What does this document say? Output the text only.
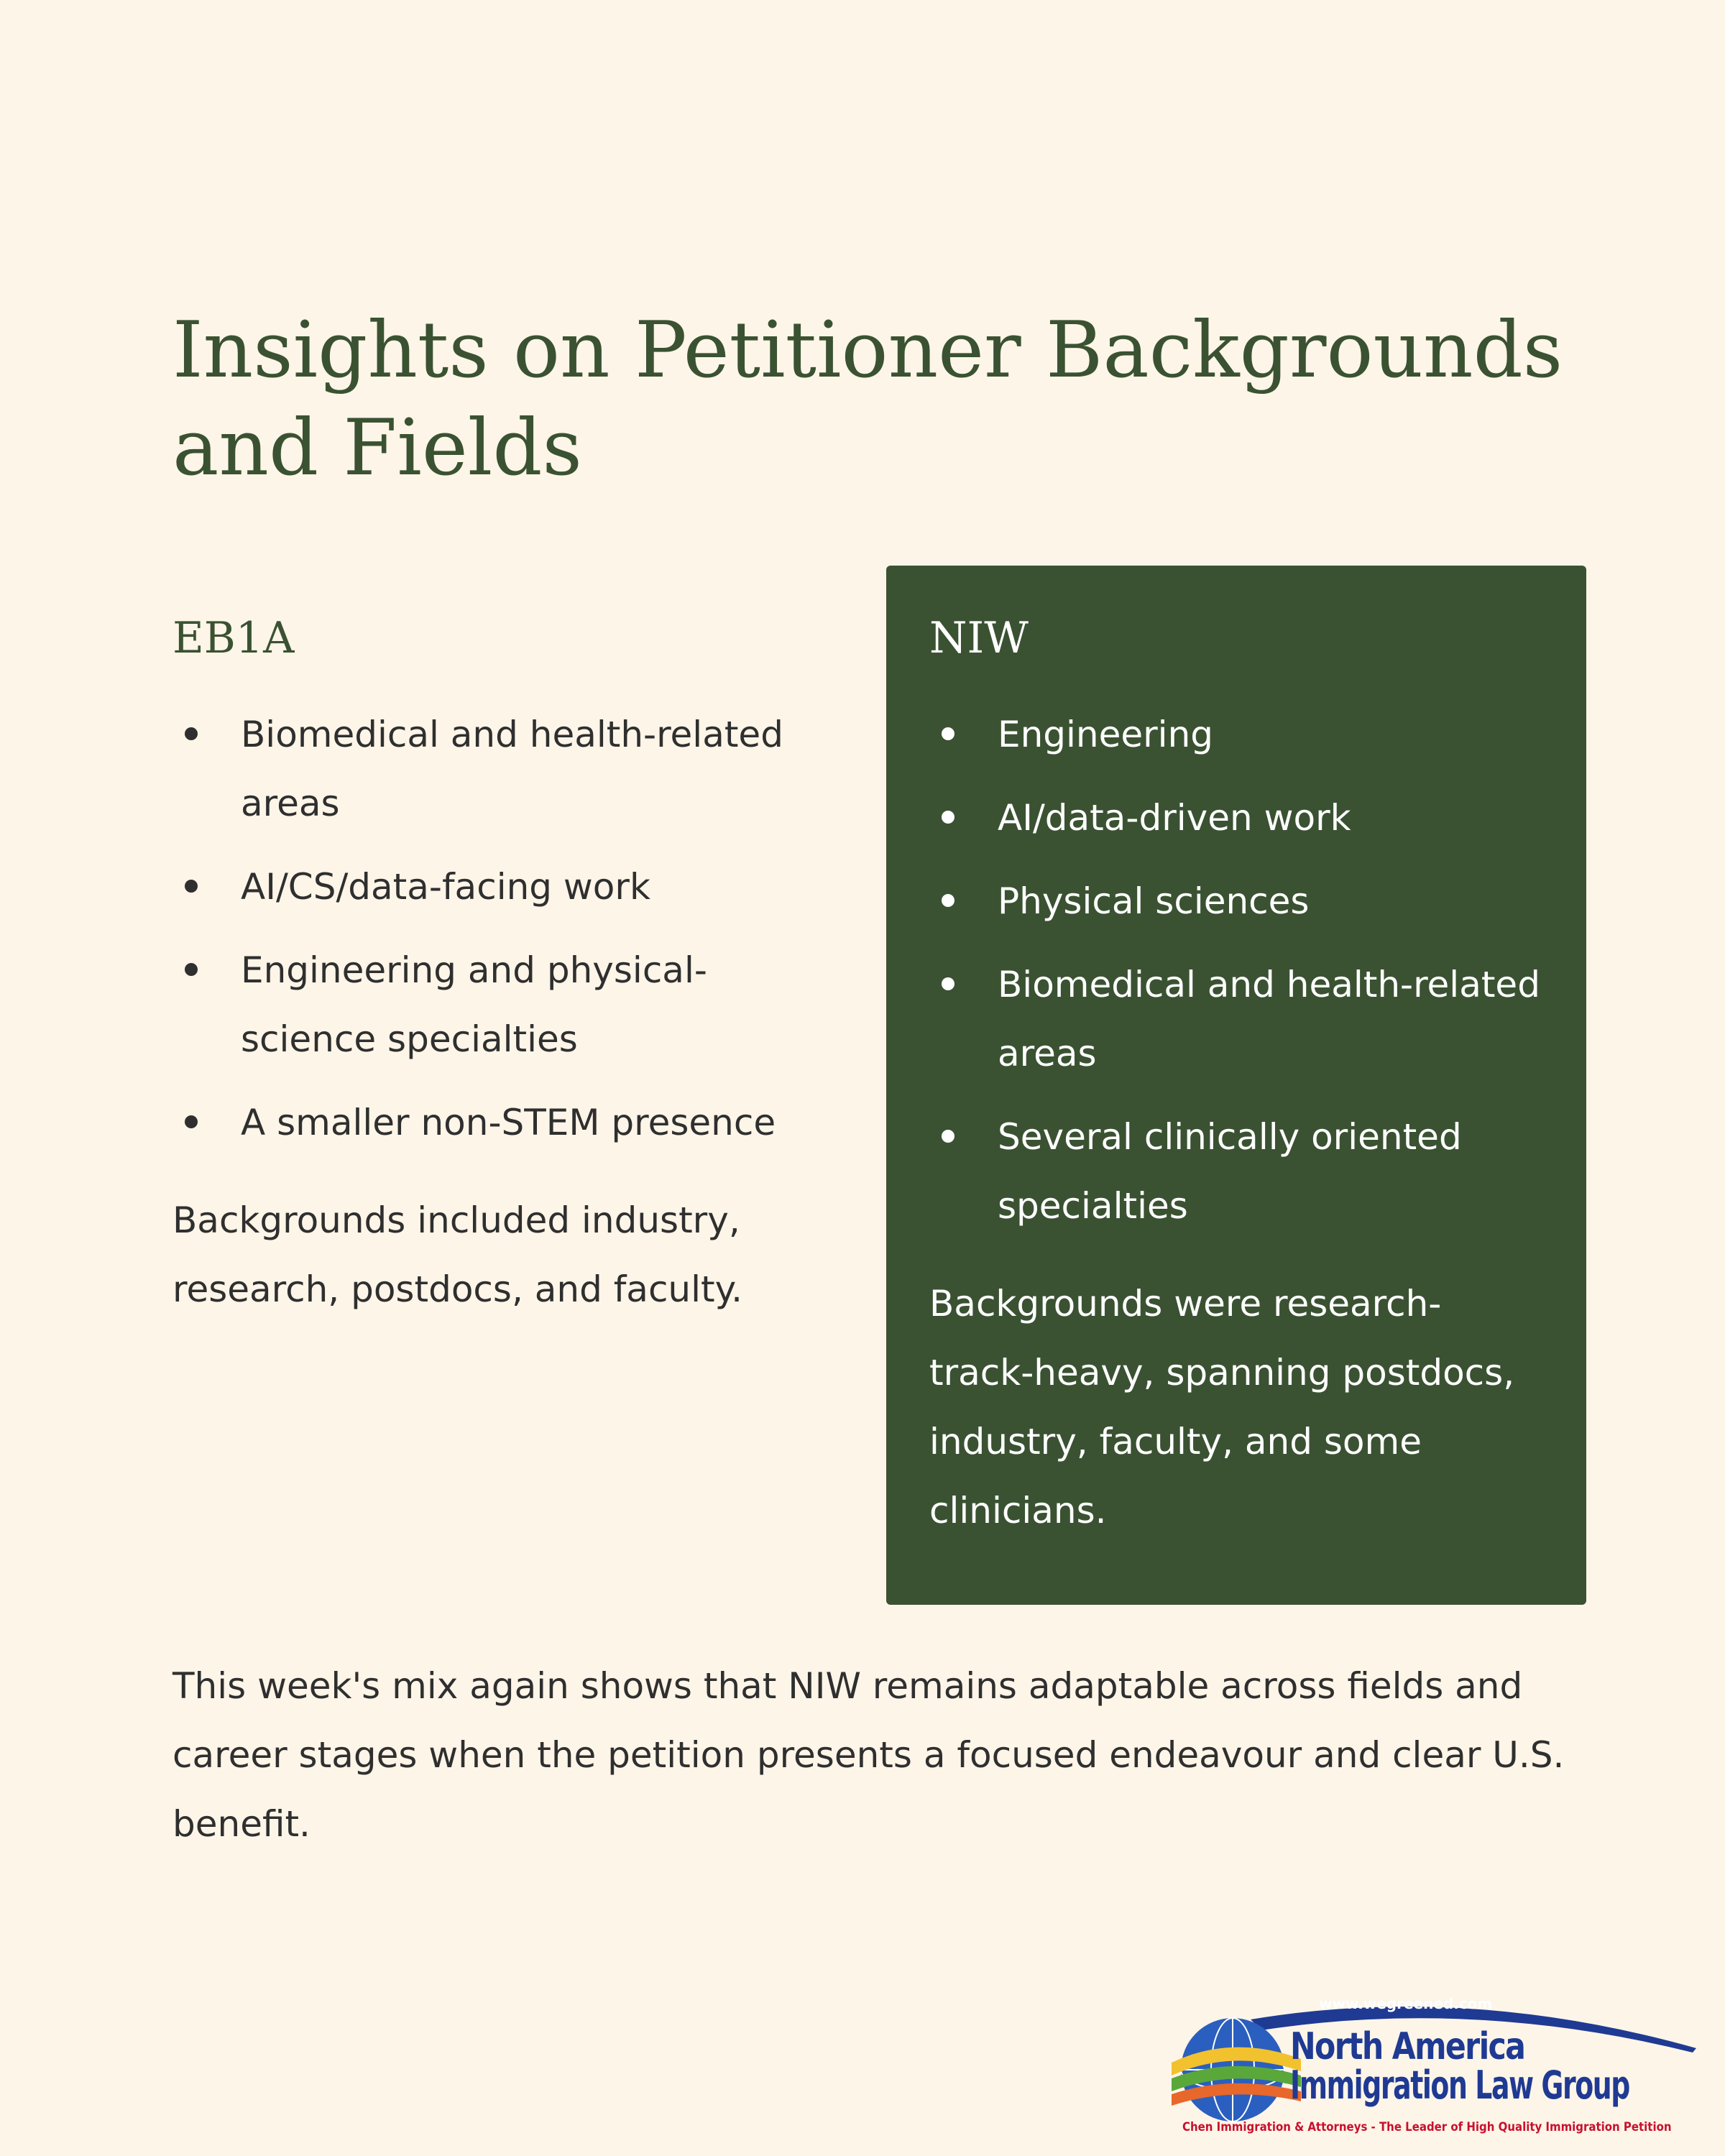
Insights on Petitioner Backgrounds and Fields
EB1A
Biomedical and health-related areas
AI/CS/data-facing work
Engineering and physical-science specialties
A smaller non-STEM presence

Backgrounds included industry, research, postdocs, and faculty.

NIW
Engineering
AI/data-driven work
Physical sciences
Biomedical and health-related areas
Several clinically oriented specialties

Backgrounds were research-track-heavy, spanning postdocs, industry, faculty, and some clinicians.

This week's mix again shows that NIW remains adaptable across fields and career stages when the petition presents a focused endeavour and clear U.S. benefit.

www.wegreened.com
North America
Immigration Law Group
Chen Immigration & Attorneys - The Leader of High Quality Immigration Petition
